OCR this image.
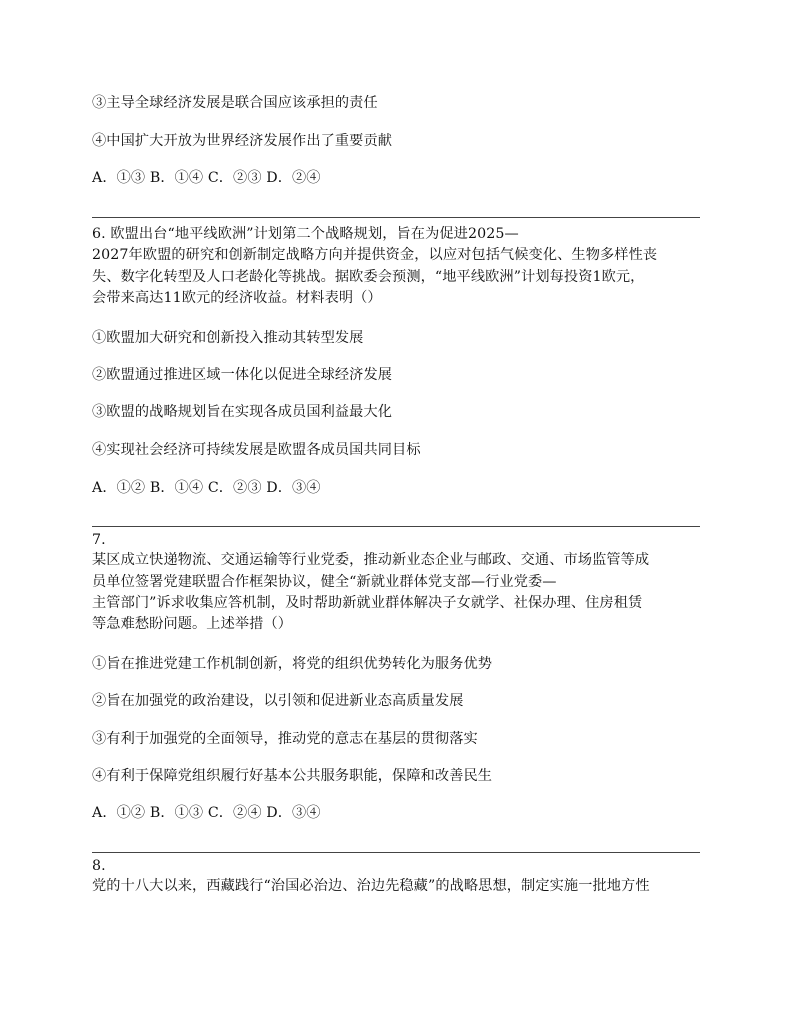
③主导全球经济发展是联合国应该承担的责任
④中国扩大开放为世界经济发展作出了重要贡献
A．①③ B．①④ C．②③ D．②④
6. 欧盟出台“地平线欧洲”计划第二个战略规划，旨在为促进2025—
2027年欧盟的研究和创新制定战略方向并提供资金，以应对包括气候变化、生物多样性丧
失、数字化转型及人口老龄化等挑战。据欧委会预测，“地平线欧洲”计划每投资1欧元，
会带来高达11欧元的经济收益。材料表明（）
①欧盟加大研究和创新投入推动其转型发展
②欧盟通过推进区域一体化以促进全球经济发展
③欧盟的战略规划旨在实现各成员国利益最大化
④实现社会经济可持续发展是欧盟各成员国共同目标
A．①② B．①④ C．②③ D．③④
7.
某区成立快递物流、交通运输等行业党委，推动新业态企业与邮政、交通、市场监管等成
员单位签署党建联盟合作框架协议，健全“新就业群体党支部—行业党委—
主管部门”诉求收集应答机制，及时帮助新就业群体解决子女就学、社保办理、住房租赁
等急难愁盼问题。上述举措（）
①旨在推进党建工作机制创新，将党的组织优势转化为服务优势
②旨在加强党的政治建设，以引领和促进新业态高质量发展
③有利于加强党的全面领导，推动党的意志在基层的贯彻落实
④有利于保障党组织履行好基本公共服务职能，保障和改善民生
A．①② B．①③ C．②④ D．③④
8.
党的十八大以来，西藏践行“治国必治边、治边先稳藏”的战略思想，制定实施一批地方性
